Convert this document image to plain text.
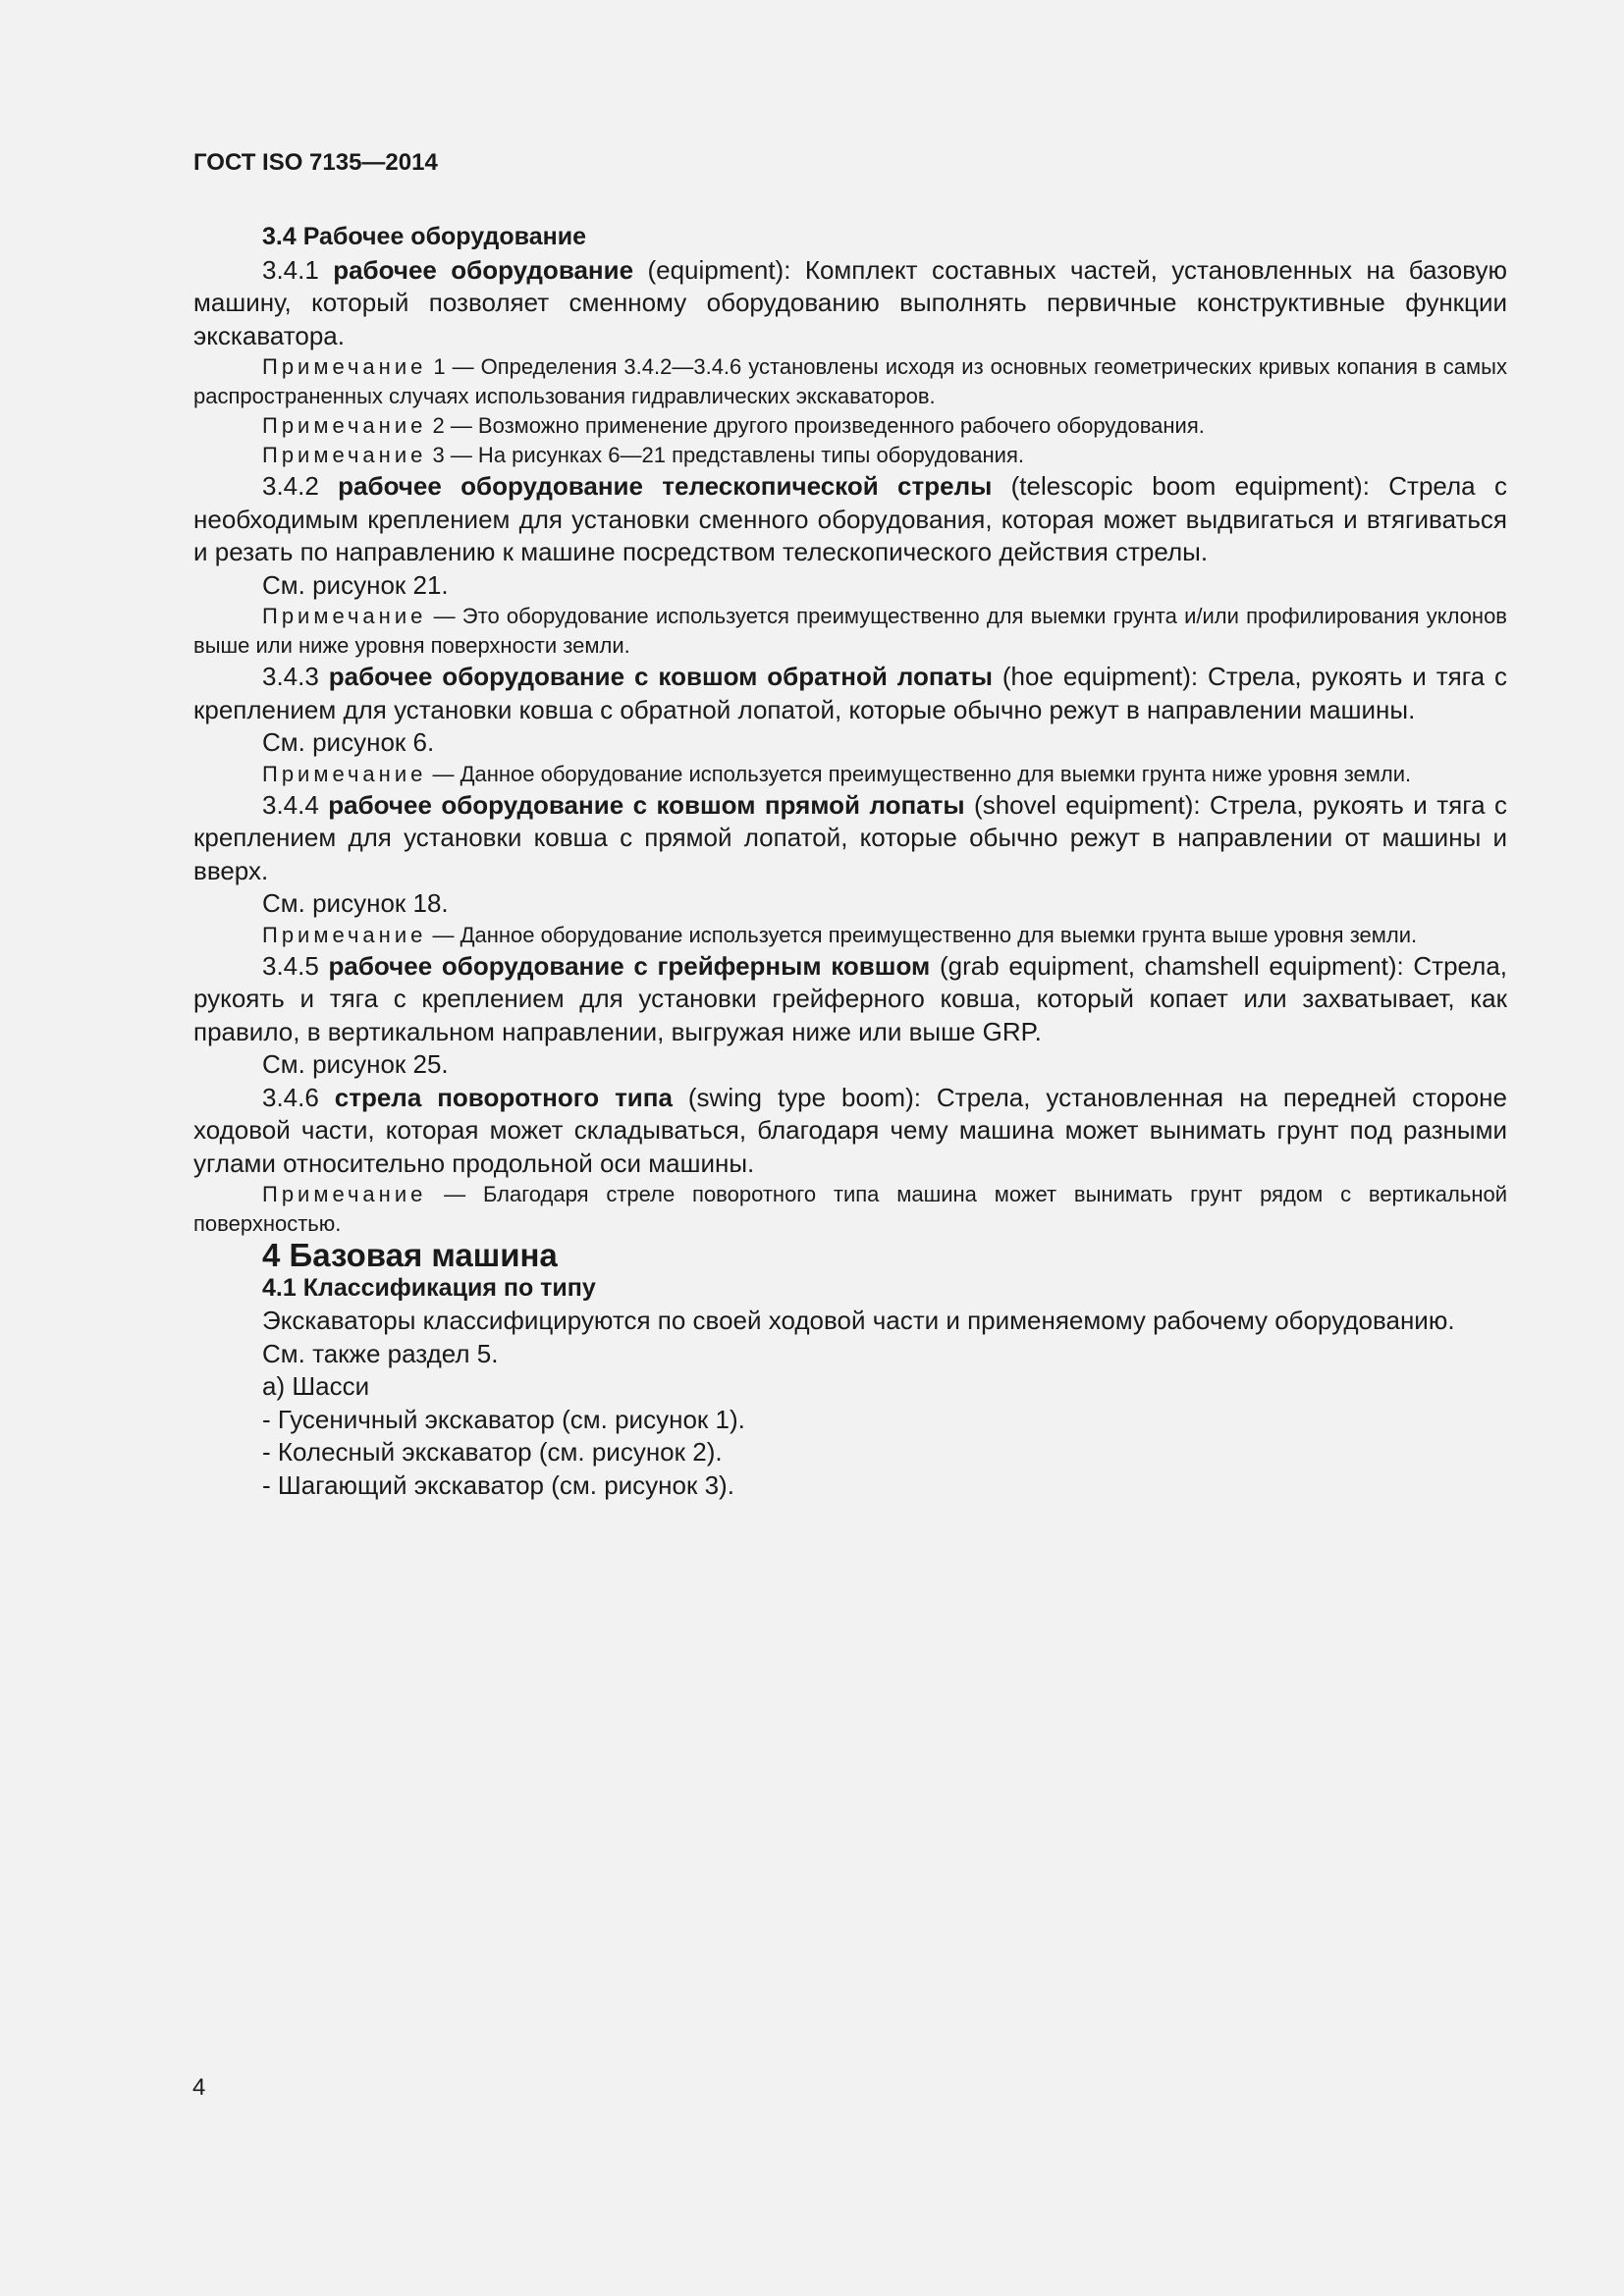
ГОСТ ISO 7135—2014

3.4 Рабочее оборудование

3.4.1 рабочее оборудование (equipment): Комплект составных частей, установленных на базовую машину, который позволяет сменному оборудованию выполнять первичные конструктивные функции экскаватора.

Примечание 1 — Определения 3.4.2—3.4.6 установлены исходя из основных геометрических кривых копания в самых распространенных случаях использования гидравлических экскаваторов.

Примечание 2 — Возможно применение другого произведенного рабочего оборудования.

Примечание 3 — На рисунках 6—21 представлены типы оборудования.

3.4.2 рабочее оборудование телескопической стрелы (telescopic boom equipment): Стрела с необходимым креплением для установки сменного оборудования, которая может выдвигаться и втягиваться и резать по направлению к машине посредством телескопического действия стрелы.

См. рисунок 21.

Примечание — Это оборудование используется преимущественно для выемки грунта и/или профилирования уклонов выше или ниже уровня поверхности земли.

3.4.3 рабочее оборудование с ковшом обратной лопаты (hoe equipment): Стрела, рукоять и тяга с креплением для установки ковша с обратной лопатой, которые обычно режут в направлении машины.

См. рисунок 6.

Примечание — Данное оборудование используется преимущественно для выемки грунта ниже уровня земли.

3.4.4 рабочее оборудование с ковшом прямой лопаты (shovel equipment): Стрела, рукоять и тяга с креплением для установки ковша с прямой лопатой, которые обычно режут в направлении от машины и вверх.

См. рисунок 18.

Примечание — Данное оборудование используется преимущественно для выемки грунта выше уровня земли.

3.4.5 рабочее оборудование с грейферным ковшом (grab equipment, chamshell equipment): Стрела, рукоять и тяга с креплением для установки грейферного ковша, который копает или захватывает, как правило, в вертикальном направлении, выгружая ниже или выше GRP.

См. рисунок 25.

3.4.6 стрела поворотного типа (swing type boom): Стрела, установленная на передней стороне ходовой части, которая может складываться, благодаря чему машина может вынимать грунт под разными углами относительно продольной оси машины.

Примечание — Благодаря стреле поворотного типа машина может вынимать грунт рядом с вертикальной поверхностью.

4 Базовая машина

4.1 Классификация по типу

Экскаваторы классифицируются по своей ходовой части и применяемому рабочему оборудованию.

См. также раздел 5.

а) Шасси

- Гусеничный экскаватор (см. рисунок 1).

- Колесный экскаватор (см. рисунок 2).

- Шагающий экскаватор (см. рисунок 3).

4
